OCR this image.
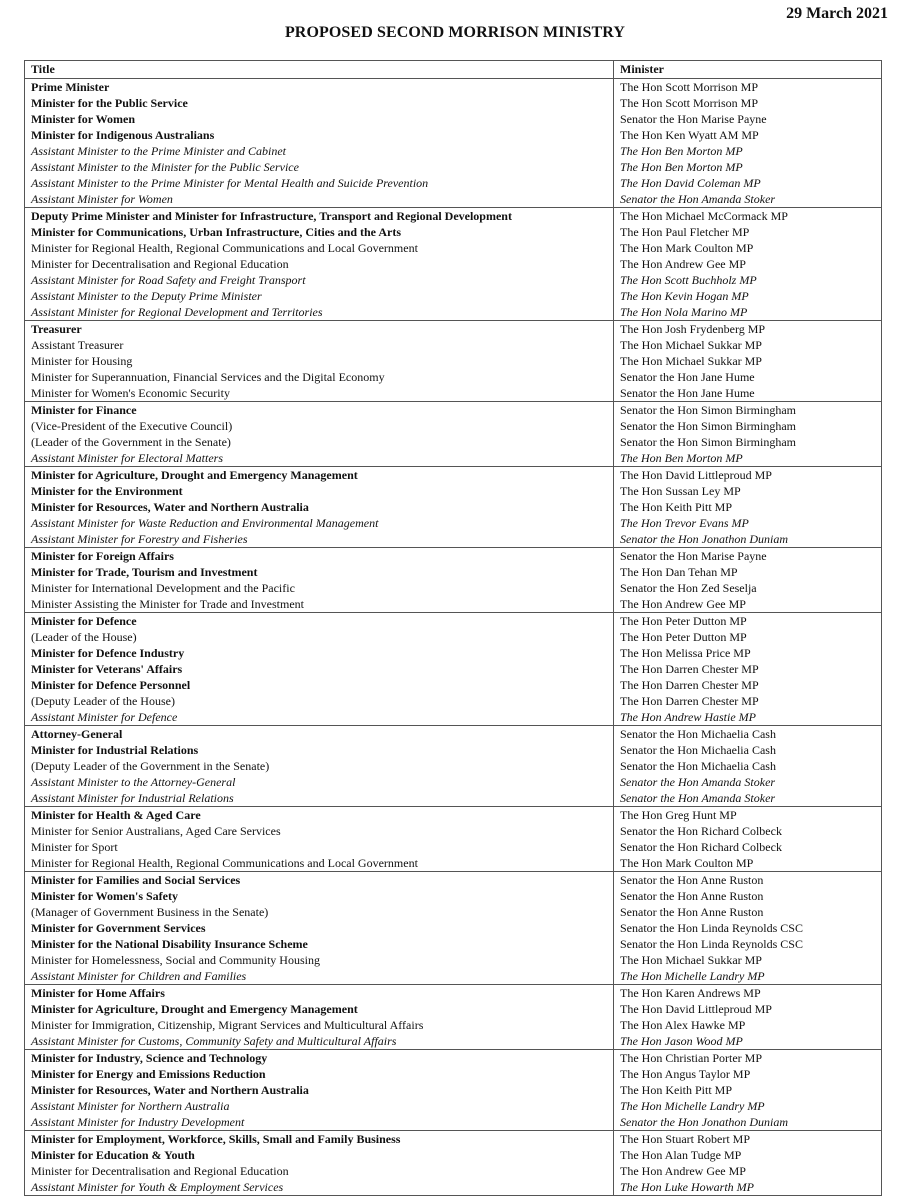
29 March 2021
PROPOSED SECOND MORRISON MINISTRY
Title	Minister
Prime Minister	The Hon Scott Morrison MP
Minister for the Public Service	The Hon Scott Morrison MP
Minister for Women	Senator the Hon Marise Payne
Minister for Indigenous Australians	The Hon Ken Wyatt AM MP
Assistant Minister to the Prime Minister and Cabinet	The Hon Ben Morton MP
Assistant Minister to the Minister for the Public Service	The Hon Ben Morton MP
Assistant Minister to the Prime Minister for Mental Health and Suicide Prevention	The Hon David Coleman MP
Assistant Minister for Women	Senator the Hon Amanda Stoker
Deputy Prime Minister and Minister for Infrastructure, Transport and Regional Development	The Hon Michael McCormack MP
Minister for Communications, Urban Infrastructure, Cities and the Arts	The Hon Paul Fletcher MP
Minister for Regional Health, Regional Communications and Local Government	The Hon Mark Coulton MP
Minister for Decentralisation and Regional Education	The Hon Andrew Gee MP
Assistant Minister for Road Safety and Freight Transport	The Hon Scott Buchholz MP
Assistant Minister to the Deputy Prime Minister	The Hon Kevin Hogan MP
Assistant Minister for Regional Development and Territories	The Hon Nola Marino MP
Treasurer	The Hon Josh Frydenberg MP
Assistant Treasurer	The Hon Michael Sukkar MP
Minister for Housing	The Hon Michael Sukkar MP
Minister for Superannuation, Financial Services and the Digital Economy	Senator the Hon Jane Hume
Minister for Women's Economic Security	Senator the Hon Jane Hume
Minister for Finance	Senator the Hon Simon Birmingham
(Vice-President of the Executive Council)	Senator the Hon Simon Birmingham
(Leader of the Government in the Senate)	Senator the Hon Simon Birmingham
Assistant Minister for Electoral Matters	The Hon Ben Morton MP
Minister for Agriculture, Drought and Emergency Management	The Hon David Littleproud MP
Minister for the Environment	The Hon Sussan Ley MP
Minister for Resources, Water and Northern Australia	The Hon Keith Pitt MP
Assistant Minister for Waste Reduction and Environmental Management	The Hon Trevor Evans MP
Assistant Minister for Forestry and Fisheries	Senator the Hon Jonathon Duniam
Minister for Foreign Affairs	Senator the Hon Marise Payne
Minister for Trade, Tourism and Investment	The Hon Dan Tehan MP
Minister for International Development and the Pacific	Senator the Hon Zed Seselja
Minister Assisting the Minister for Trade and Investment	The Hon Andrew Gee MP
Minister for Defence	The Hon Peter Dutton MP
(Leader of the House)	The Hon Peter Dutton MP
Minister for Defence Industry	The Hon Melissa Price MP
Minister for Veterans' Affairs	The Hon Darren Chester MP
Minister for Defence Personnel	The Hon Darren Chester MP
(Deputy Leader of the House)	The Hon Darren Chester MP
Assistant Minister for Defence	The Hon Andrew Hastie MP
Attorney-General	Senator the Hon Michaelia Cash
Minister for Industrial Relations	Senator the Hon Michaelia Cash
(Deputy Leader of the Government in the Senate)	Senator the Hon Michaelia Cash
Assistant Minister to the Attorney-General	Senator the Hon Amanda Stoker
Assistant Minister for Industrial Relations	Senator the Hon Amanda Stoker
Minister for Health & Aged Care	The Hon Greg Hunt MP
Minister for Senior Australians, Aged Care Services	Senator the Hon Richard Colbeck
Minister for Sport	Senator the Hon Richard Colbeck
Minister for Regional Health, Regional Communications and Local Government	The Hon Mark Coulton MP
Minister for Families and Social Services	Senator the Hon Anne Ruston
Minister for Women's Safety	Senator the Hon Anne Ruston
(Manager of Government Business in the Senate)	Senator the Hon Anne Ruston
Minister for Government Services	Senator the Hon Linda Reynolds CSC
Minister for the National Disability Insurance Scheme	Senator the Hon Linda Reynolds CSC
Minister for Homelessness, Social and Community Housing	The Hon Michael Sukkar MP
Assistant Minister for Children and Families	The Hon Michelle Landry MP
Minister for Home Affairs	The Hon Karen Andrews MP
Minister for Agriculture, Drought and Emergency Management	The Hon David Littleproud MP
Minister for Immigration, Citizenship, Migrant Services and Multicultural Affairs	The Hon Alex Hawke MP
Assistant Minister for Customs, Community Safety and Multicultural Affairs	The Hon Jason Wood MP
Minister for Industry, Science and Technology	The Hon Christian Porter MP
Minister for Energy and Emissions Reduction	The Hon Angus Taylor MP
Minister for Resources, Water and Northern Australia	The Hon Keith Pitt MP
Assistant Minister for Northern Australia	The Hon Michelle Landry MP
Assistant Minister for Industry Development	Senator the Hon Jonathon Duniam
Minister for Employment, Workforce, Skills, Small and Family Business	The Hon Stuart Robert MP
Minister for Education & Youth	The Hon Alan Tudge MP
Minister for Decentralisation and Regional Education	The Hon Andrew Gee MP
Assistant Minister for Youth & Employment Services	The Hon Luke Howarth MP
